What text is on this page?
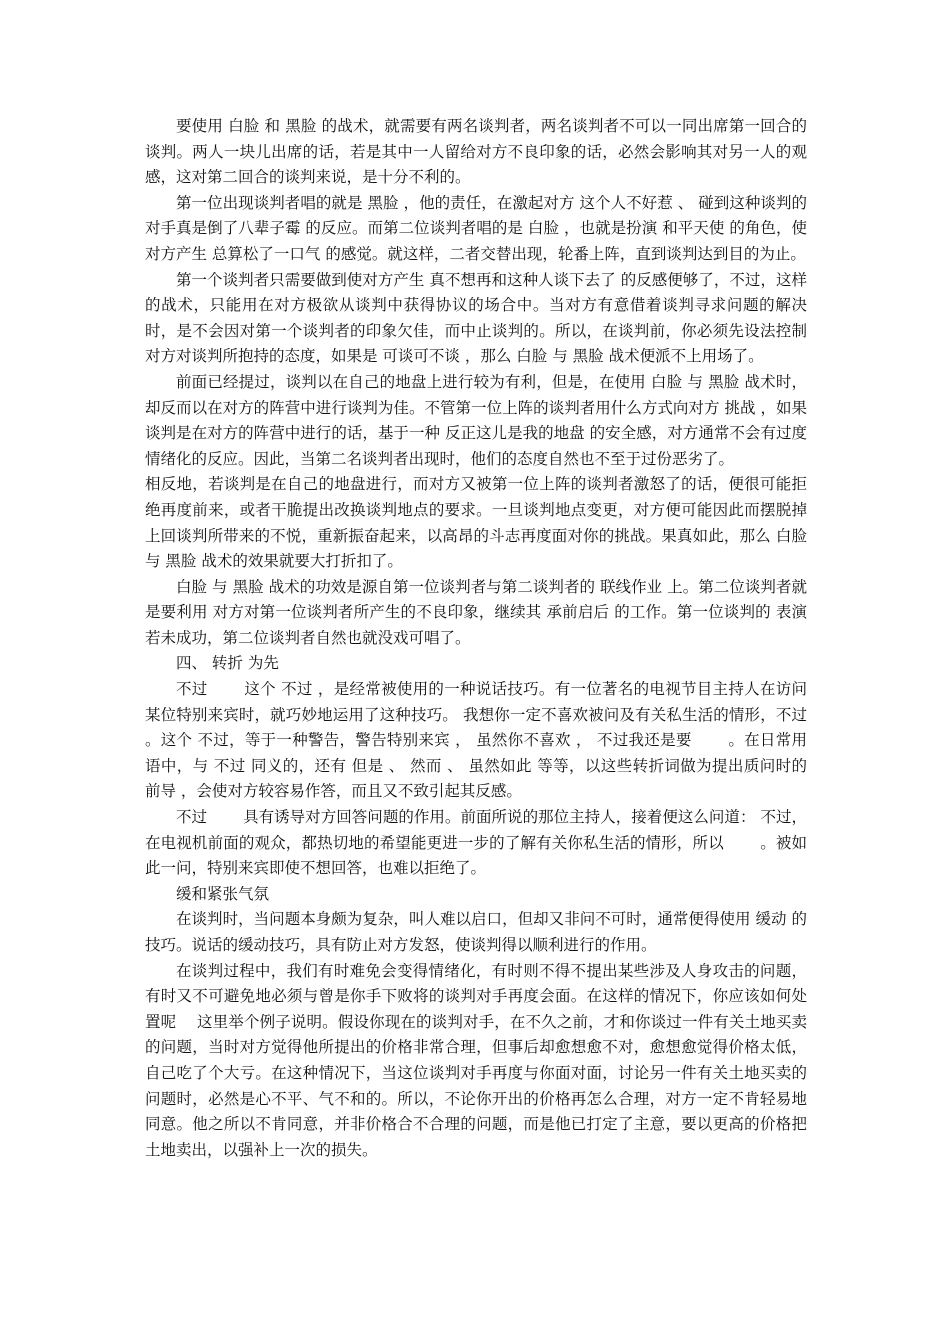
要使用 白脸 和 黑脸 的战术，就需要有两名谈判者，两名谈判者不可以一同出席第一回合的谈判。两人一块儿出席的话，若是其中一人留给对方不良印象的话，必然会影响其对另一人的观感，这对第二回合的谈判来说，是十分不利的。

第一位出现谈判者唱的就是 黑脸 ，他的责任，在激起对方 这个人不好惹 、 碰到这种谈判的对手真是倒了八辈子霉 的反应。而第二位谈判者唱的是 白脸 ，也就是扮演 和平天使 的角色，使对方产生 总算松了一口气 的感觉。就这样，二者交替出现，轮番上阵，直到谈判达到目的为止。

第一个谈判者只需要做到使对方产生 真不想再和这种人谈下去了 的反感便够了，不过，这样的战术，只能用在对方极欲从谈判中获得协议的场合中。当对方有意借着谈判寻求问题的解决时，是不会因对第一个谈判者的印象欠佳，而中止谈判的。所以，在谈判前，你必须先设法控制对方对谈判所抱持的态度，如果是 可谈可不谈 ，那么 白脸 与 黑脸 战术便派不上用场了。

前面已经提过，谈判以在自己的地盘上进行较为有利，但是，在使用 白脸 与 黑脸 战术时，却反而以在对方的阵营中进行谈判为佳。不管第一位上阵的谈判者用什么方式向对方 挑战 ，如果谈判是在对方的阵营中进行的话，基于一种 反正这儿是我的地盘 的安全感，对方通常不会有过度情绪化的反应。因此，当第二名谈判者出现时，他们的态度自然也不至于过份恶劣了。

相反地，若谈判是在自己的地盘进行，而对方又被第一位上阵的谈判者激怒了的话，便很可能拒绝再度前来，或者干脆提出改换谈判地点的要求。一旦谈判地点变更，对方便可能因此而摆脱掉上回谈判所带来的不悦，重新振奋起来，以高昂的斗志再度面对你的挑战。果真如此，那么 白脸 与 黑脸 战术的效果就要大打折扣了。

白脸 与 黑脸 战术的功效是源自第一位谈判者与第二谈判者的 联线作业 上。第二位谈判者就是要利用 对方对第一位谈判者所产生的不良印象，继续其 承前启后 的工作。第一位谈判的 表演 若未成功，第二位谈判者自然也就没戏可唱了。

四、 转折 为先

不过　　 这个 不过 ，是经常被使用的一种说话技巧。有一位著名的电视节目主持人在访问某位特别来宾时，就巧妙地运用了这种技巧。 我想你一定不喜欢被问及有关私生活的情形，不过　　 。这个 不过，等于一种警告，警告特别来宾 ， 虽然你不喜欢 ， 不过我还是要　　 。在日常用语中，与 不过 同义的，还有 但是 、 然而 、 虽然如此 等等，以这些转折词做为提出质问时的 前导 ，会使对方较容易作答，而且又不致引起其反感。

不过　　 具有诱导对方回答问题的作用。前面所说的那位主持人，接着便这么问道： 不过，在电视机前面的观众，都热切地的希望能更进一步的了解有关你私生活的情形，所以　　 。被如此一问，特别来宾即使不想回答，也难以拒绝了。

缓和紧张气氛

在谈判时，当问题本身颇为复杂，叫人难以启口，但却又非问不可时，通常便得使用 缓动 的技巧。说话的缓动技巧，具有防止对方发怒，使谈判得以顺利进行的作用。

在谈判过程中，我们有时难免会变得情绪化，有时则不得不提出某些涉及人身攻击的问题，有时又不可避免地必须与曾是你手下败将的谈判对手再度会面。在这样的情况下，你应该如何处置呢　 这里举个例子说明。假设你现在的谈判对手，在不久之前，才和你谈过一件有关土地买卖的问题，当时对方觉得他所提出的价格非常合理，但事后却愈想愈不对，愈想愈觉得价格太低，自己吃了个大亏。在这种情况下，当这位谈判对手再度与你面对面，讨论另一件有关土地买卖的问题时，必然是心不平、气不和的。所以，不论你开出的价格再怎么合理，对方一定不肯轻易地同意。他之所以不肯同意，并非价格合不合理的问题，而是他已打定了主意，要以更高的价格把土地卖出，以强补上一次的损失。
